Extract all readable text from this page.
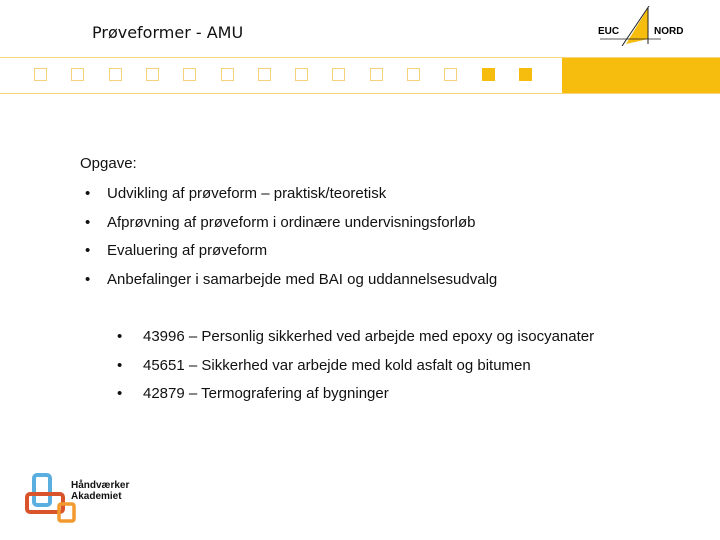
Prøveformer - AMU	EUC	NORD
Opgave:
• Udvikling af prøveform – praktisk/teoretisk
• Afprøvning af prøveform i ordinære undervisningsforløb
• Evaluering af prøveform
• Anbefalinger i samarbejde med BAI og uddannelsesudvalg
• 43996 – Personlig sikkerhed ved arbejde med epoxy og isocyanater
• 45651 – Sikkerhed var arbejde med kold asfalt og bitumen
• 42879 – Termografering af bygninger
Håndværker
Akademiet
